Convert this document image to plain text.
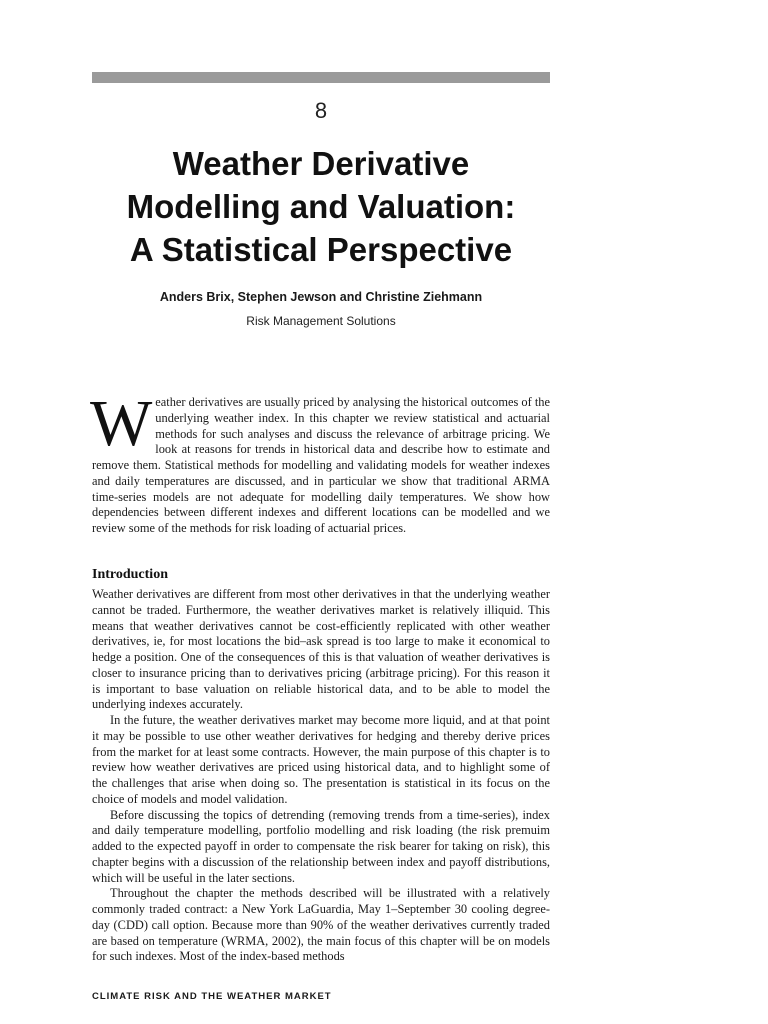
8
Weather Derivative
Modelling and Valuation:
A Statistical Perspective
Anders Brix, Stephen Jewson and Christine Ziehmann
Risk Management Solutions
W eather derivatives are usually priced by analysing the historical outcomes of the underlying weather index. In this chapter we review statistical and actuarial methods for such analyses and discuss the relevance of arbitrage pricing. We look at reasons for trends in historical data and describe how to estimate and remove them. Statistical methods for modelling and validating models for weather indexes and daily temperatures are discussed, and in particular we show that traditional ARMA time-series models are not adequate for modelling daily temperatures. We show how dependencies between different indexes and different locations can be modelled and we review some of the methods for risk loading of actuarial prices.
Introduction

Weather derivatives are different from most other derivatives in that the underlying weather cannot be traded. Furthermore, the weather derivatives market is relatively illiquid. This means that weather derivatives cannot be cost-efficiently replicated with other weather derivatives, ie, for most locations the bid–ask spread is too large to make it economical to hedge a position. One of the consequences of this is that valuation of weather derivatives is closer to insurance pricing than to derivatives pricing (arbitrage pricing). For this reason it is important to base valuation on reliable historical data, and to be able to model the underlying indexes accurately.

In the future, the weather derivatives market may become more liquid, and at that point it may be possible to use other weather derivatives for hedging and thereby derive prices from the market for at least some contracts. However, the main purpose of this chapter is to review how weather derivatives are priced using historical data, and to highlight some of the challenges that arise when doing so. The presentation is statistical in its focus on the choice of models and model validation.

Before discussing the topics of detrending (removing trends from a time-series), index and daily temperature modelling, portfolio modelling and risk loading (the risk premuim added to the expected payoff in order to compensate the risk bearer for taking on risk), this chapter begins with a discussion of the relationship between index and payoff distributions, which will be useful in the later sections.

Throughout the chapter the methods described will be illustrated with a relatively commonly traded contract: a New York LaGuardia, May 1–September 30 cooling degree-day (CDD) call option. Because more than 90% of the weather derivatives currently traded are based on temperature (WRMA, 2002), the main focus of this chapter will be on models for such indexes. Most of the index-based methods

CLIMATE RISK AND THE WEATHER MARKET
